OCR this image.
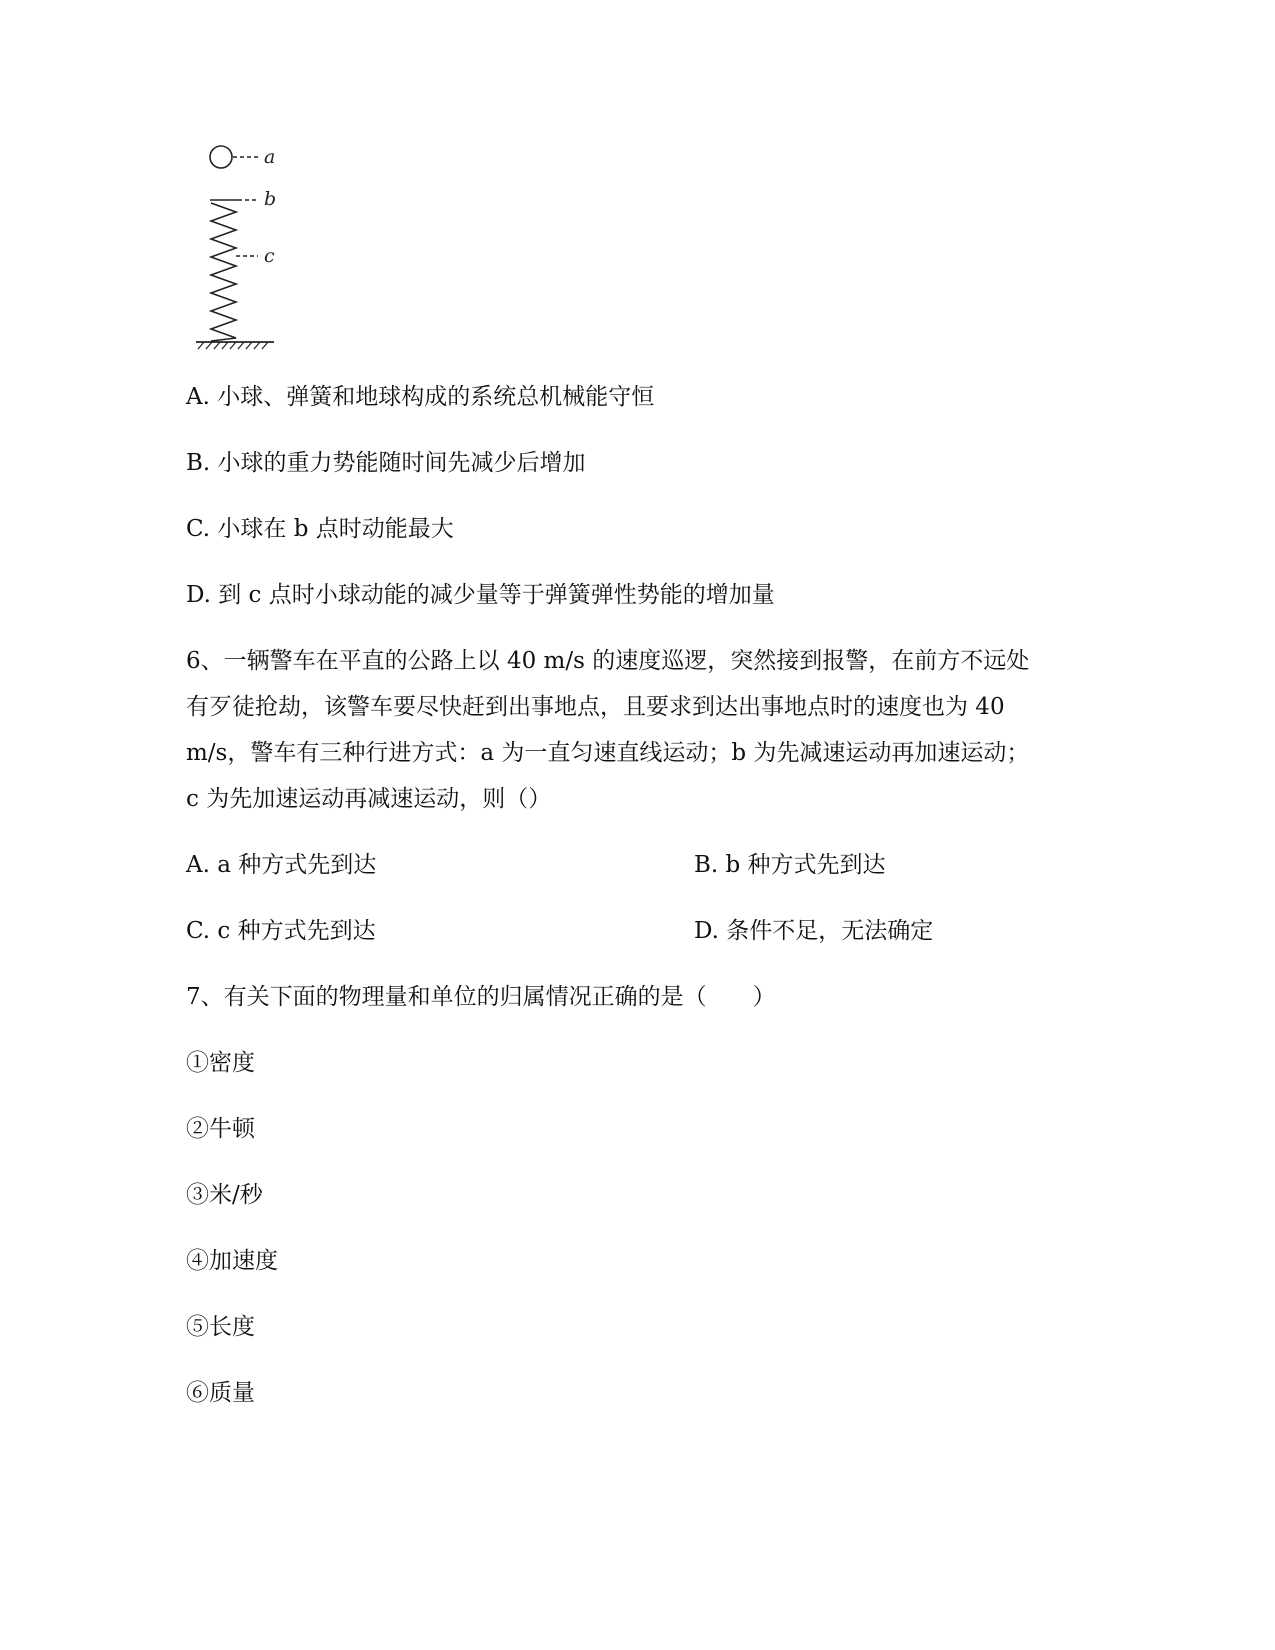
a
b
c

A. 小球、弹簧和地球构成的系统总机械能守恒

B. 小球的重力势能随时间先减少后增加

C. 小球在 b 点时动能最大

D. 到 c 点时小球动能的减少量等于弹簧弹性势能的增加量

6、一辆警车在平直的公路上以 40 m/s 的速度巡逻，突然接到报警，在前方不远处

有歹徒抢劫，该警车要尽快赶到出事地点，且要求到达出事地点时的速度也为 40

m/s，警车有三种行进方式：a 为一直匀速直线运动；b 为先减速运动再加速运动；

c 为先加速运动再减速运动，则（）

A. a 种方式先到达	B. b 种方式先到达

C. c 种方式先到达	D. 条件不足，无法确定

7、有关下面的物理量和单位的归属情况正确的是（　　）

①密度

②牛顿

③米/秒

④加速度

⑤长度

⑥质量
